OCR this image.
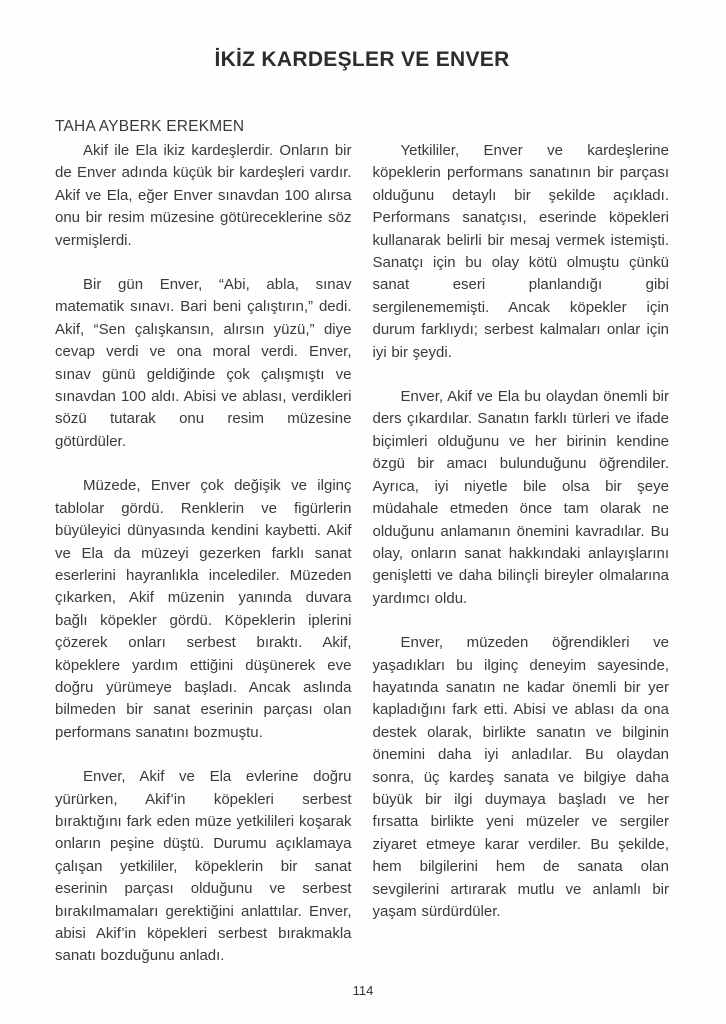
İKİZ KARDEŞLER VE ENVER
TAHA AYBERK EREKMEN

Akif ile Ela ikiz kardeşlerdir. Onların bir de Enver adında küçük bir kardeşleri vardır. Akif ve Ela, eğer Enver sınavdan 100 alırsa onu bir resim müzesine götüreceklerine söz vermişlerdi.

Bir gün Enver, “Abi, abla, sınav matematik sınavı. Bari beni çalıştırın,” dedi. Akif, “Sen çalışkansın, alırsın yüzü,” diye cevap verdi ve ona moral verdi. Enver, sınav günü geldiğinde çok çalışmıştı ve sınavdan 100 aldı. Abisi ve ablası, verdikleri sözü tutarak onu resim müzesine götürdüler.

Müzede, Enver çok değişik ve ilginç tablolar gördü. Renklerin ve figürlerin büyüleyici dünyasında kendini kaybetti. Akif ve Ela da müzeyi gezerken farklı sanat eserlerini hayranlıkla incelediler. Müzeden çıkarken, Akif müzenin yanında duvara bağlı köpekler gördü. Köpeklerin iplerini çözerek onları serbest bıraktı. Akif, köpeklere yardım ettiğini düşünerek eve doğru yürümeye başladı. Ancak aslında bilmeden bir sanat eserinin parçası olan performans sanatını bozmuştu.

Enver, Akif ve Ela evlerine doğru yürürken, Akif’in köpekleri serbest bıraktığını fark eden müze yetkilileri koşarak onların peşine düştü. Durumu açıklamaya çalışan yetkililer, köpeklerin bir sanat eserinin parçası olduğunu ve serbest bırakılmamaları gerektiğini anlattılar. Enver, abisi Akif’in köpekleri serbest bırakmakla sanatı bozduğunu anladı.

Yetkililer, Enver ve kardeşlerine köpeklerin performans sanatının bir parçası olduğunu detaylı bir şekilde açıkladı. Performans sanatçısı, eserinde köpekleri kullanarak belirli bir mesaj vermek istemişti. Sanatçı için bu olay kötü olmuştu çünkü sanat eseri planlandığı gibi sergilenememişti. Ancak köpekler için durum farklıydı; serbest kalmaları onlar için iyi bir şeydi.

Enver, Akif ve Ela bu olaydan önemli bir ders çıkardılar. Sanatın farklı türleri ve ifade biçimleri olduğunu ve her birinin kendine özgü bir amacı bulunduğunu öğrendiler. Ayrıca, iyi niyetle bile olsa bir şeye müdahale etmeden önce tam olarak ne olduğunu anlamanın önemini kavradılar. Bu olay, onların sanat hakkındaki anlayışlarını genişletti ve daha bilinçli bireyler olmalarına yardımcı oldu.

Enver, müzeden öğrendikleri ve yaşadıkları bu ilginç deneyim sayesinde, hayatında sanatın ne kadar önemli bir yer kapladığını fark etti. Abisi ve ablası da ona destek olarak, birlikte sanatın ve bilginin önemini daha iyi anladılar. Bu olaydan sonra, üç kardeş sanata ve bilgiye daha büyük bir ilgi duymaya başladı ve her fırsatta birlikte yeni müzeler ve sergiler ziyaret etmeye karar verdiler. Bu şekilde, hem bilgilerini hem de sanata olan sevgilerini artırarak mutlu ve anlamlı bir yaşam sürdürdüler.

114
